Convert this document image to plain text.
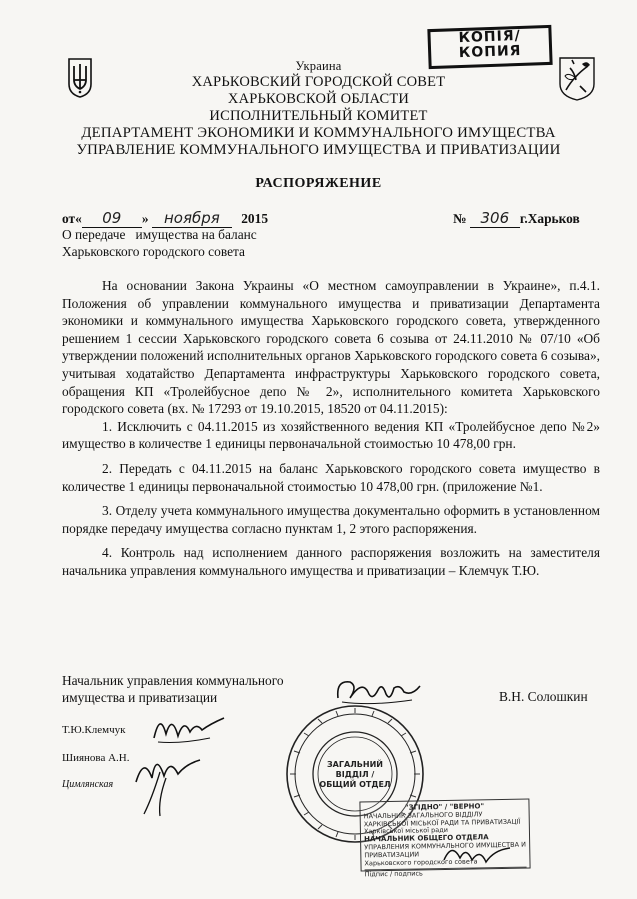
КОПІЯ/
КОПИЯ
Украина
ХАРЬКОВСКИЙ ГОРОДСКОЙ СОВЕТ
ХАРЬКОВСКОЙ ОБЛАСТИ
ИСПОЛНИТЕЛЬНЫЙ КОМИТЕТ
ДЕПАРТАМЕНТ ЭКОНОМИКИ И КОММУНАЛЬНОГО ИМУЩЕСТВА
УПРАВЛЕНИЕ КОММУНАЛЬНОГО ИМУЩЕСТВА И ПРИВАТИЗАЦИИ
РАСПОРЯЖЕНИЕ
от« 09 » ноября 2015	№ 306 г.Харьков
О передаче   имущества на баланс
Харьковского городского совета

На основании Закона Украины «О местном самоуправлении в Украине», п.4.1. Положения об управлении коммунального имущества и приватизации Департамента экономики и коммунального имущества Харьковского городского совета, утвержденного решением 1 сессии Харьковского городского совета 6 созыва от 24.11.2010 № 07/10 «Об утверждении положений исполнительных органов Харьковского городского совета 6 созыва», учитывая ходатайство Департамента инфраструктуры Харьковского городского совета, обращения КП «Тролейбусное депо № 2», исполнительного комитета Харьковского городского совета (вх. № 17293 от 19.10.2015, 18520 от 04.11.2015):

1. Исключить с 04.11.2015 из хозяйственного ведения КП «Тролейбусное депо №2» имущество в количестве 1 единицы первоначальной стоимостью 10 478,00 грн.

2. Передать с 04.11.2015 на баланс Харьковского городского совета имущество в количестве 1 единицы первоначальной стоимостью 10 478,00 грн. (приложение №1.

3. Отделу учета коммунального имущества документально оформить в установленном порядке передачу имущества согласно пунктам 1, 2 этого распоряжения.

4. Контроль над исполнением данного распоряжения возложить на заместителя начальника управления коммунального имущества и приватизации – Клемчук Т.Ю.

Начальник управления коммунального
имущества и приватизации	В.Н. Солошкин
Т.Ю.Клемчук
Шиянова А.Н.
Цимлянская
ЗАГАЛЬНИЙ
ВІДДІЛ /
ОБЩИЙ ОТДЕЛ
"ЗГІДНО" / "ВЕРНО"
НАЧАЛЬНИК ЗАГАЛЬНОГО ВІДДІЛУ
ХАРКІВСЬКОЇ МІСЬКОЇ РАДИ ТА ПРИВАТИЗАЦІЇ
Харківської міської ради
НАЧАЛЬНИК ОБЩЕГО ОТДЕЛА
УПРАВЛЕНИЯ КОММУНАЛЬНОГО ИМУЩЕСТВА И ПРИВАТИЗАЦИИ
Харьковского городского совета
Підпис / подпись
